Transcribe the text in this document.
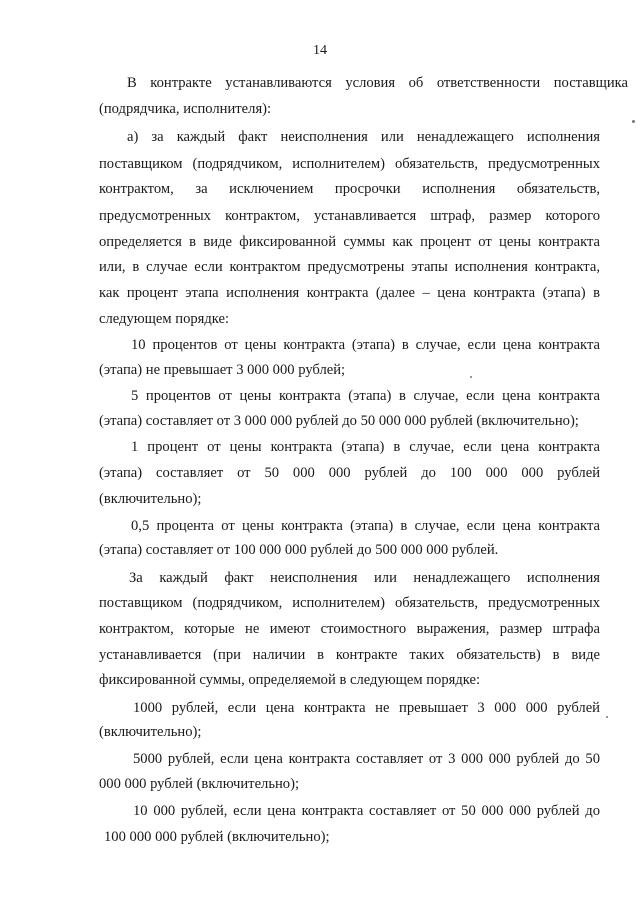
14
В контракте устанавливаются условия об ответственности поставщика
(подрядчика, исполнителя):
а) за каждый факт неисполнения или ненадлежащего исполнения
поставщиком (подрядчиком, исполнителем) обязательств, предусмотренных
контрактом, за исключением просрочки исполнения обязательств,
предусмотренных контрактом, устанавливается штраф, размер которого
определяется в виде фиксированной суммы как процент от цены контракта
или, в случае если контрактом предусмотрены этапы исполнения контракта,
как процент этапа исполнения контракта (далее – цена контракта (этапа) в
следующем порядке:
10 процентов от цены контракта (этапа) в случае, если цена контракта
(этапа) не превышает 3 000 000 рублей;
5 процентов от цены контракта (этапа) в случае, если цена контракта
(этапа) составляет от 3 000 000 рублей до 50 000 000 рублей (включительно);
1 процент от цены контракта (этапа) в случае, если цена контракта
(этапа) составляет от 50 000 000 рублей до 100 000 000 рублей
(включительно);
0,5 процента от цены контракта (этапа) в случае, если цена контракта
(этапа) составляет от 100 000 000 рублей до 500 000 000 рублей.
За каждый факт неисполнения или ненадлежащего исполнения
поставщиком (подрядчиком, исполнителем) обязательств, предусмотренных
контрактом, которые не имеют стоимостного выражения, размер штрафа
устанавливается (при наличии в контракте таких обязательств) в виде
фиксированной суммы, определяемой в следующем порядке:
1000 рублей, если цена контракта не превышает 3 000 000 рублей
(включительно);
5000 рублей, если цена контракта составляет от 3 000 000 рублей до 50
000 000 рублей (включительно);
10 000 рублей, если цена контракта составляет от 50 000 000 рублей до
100 000 000 рублей (включительно);
